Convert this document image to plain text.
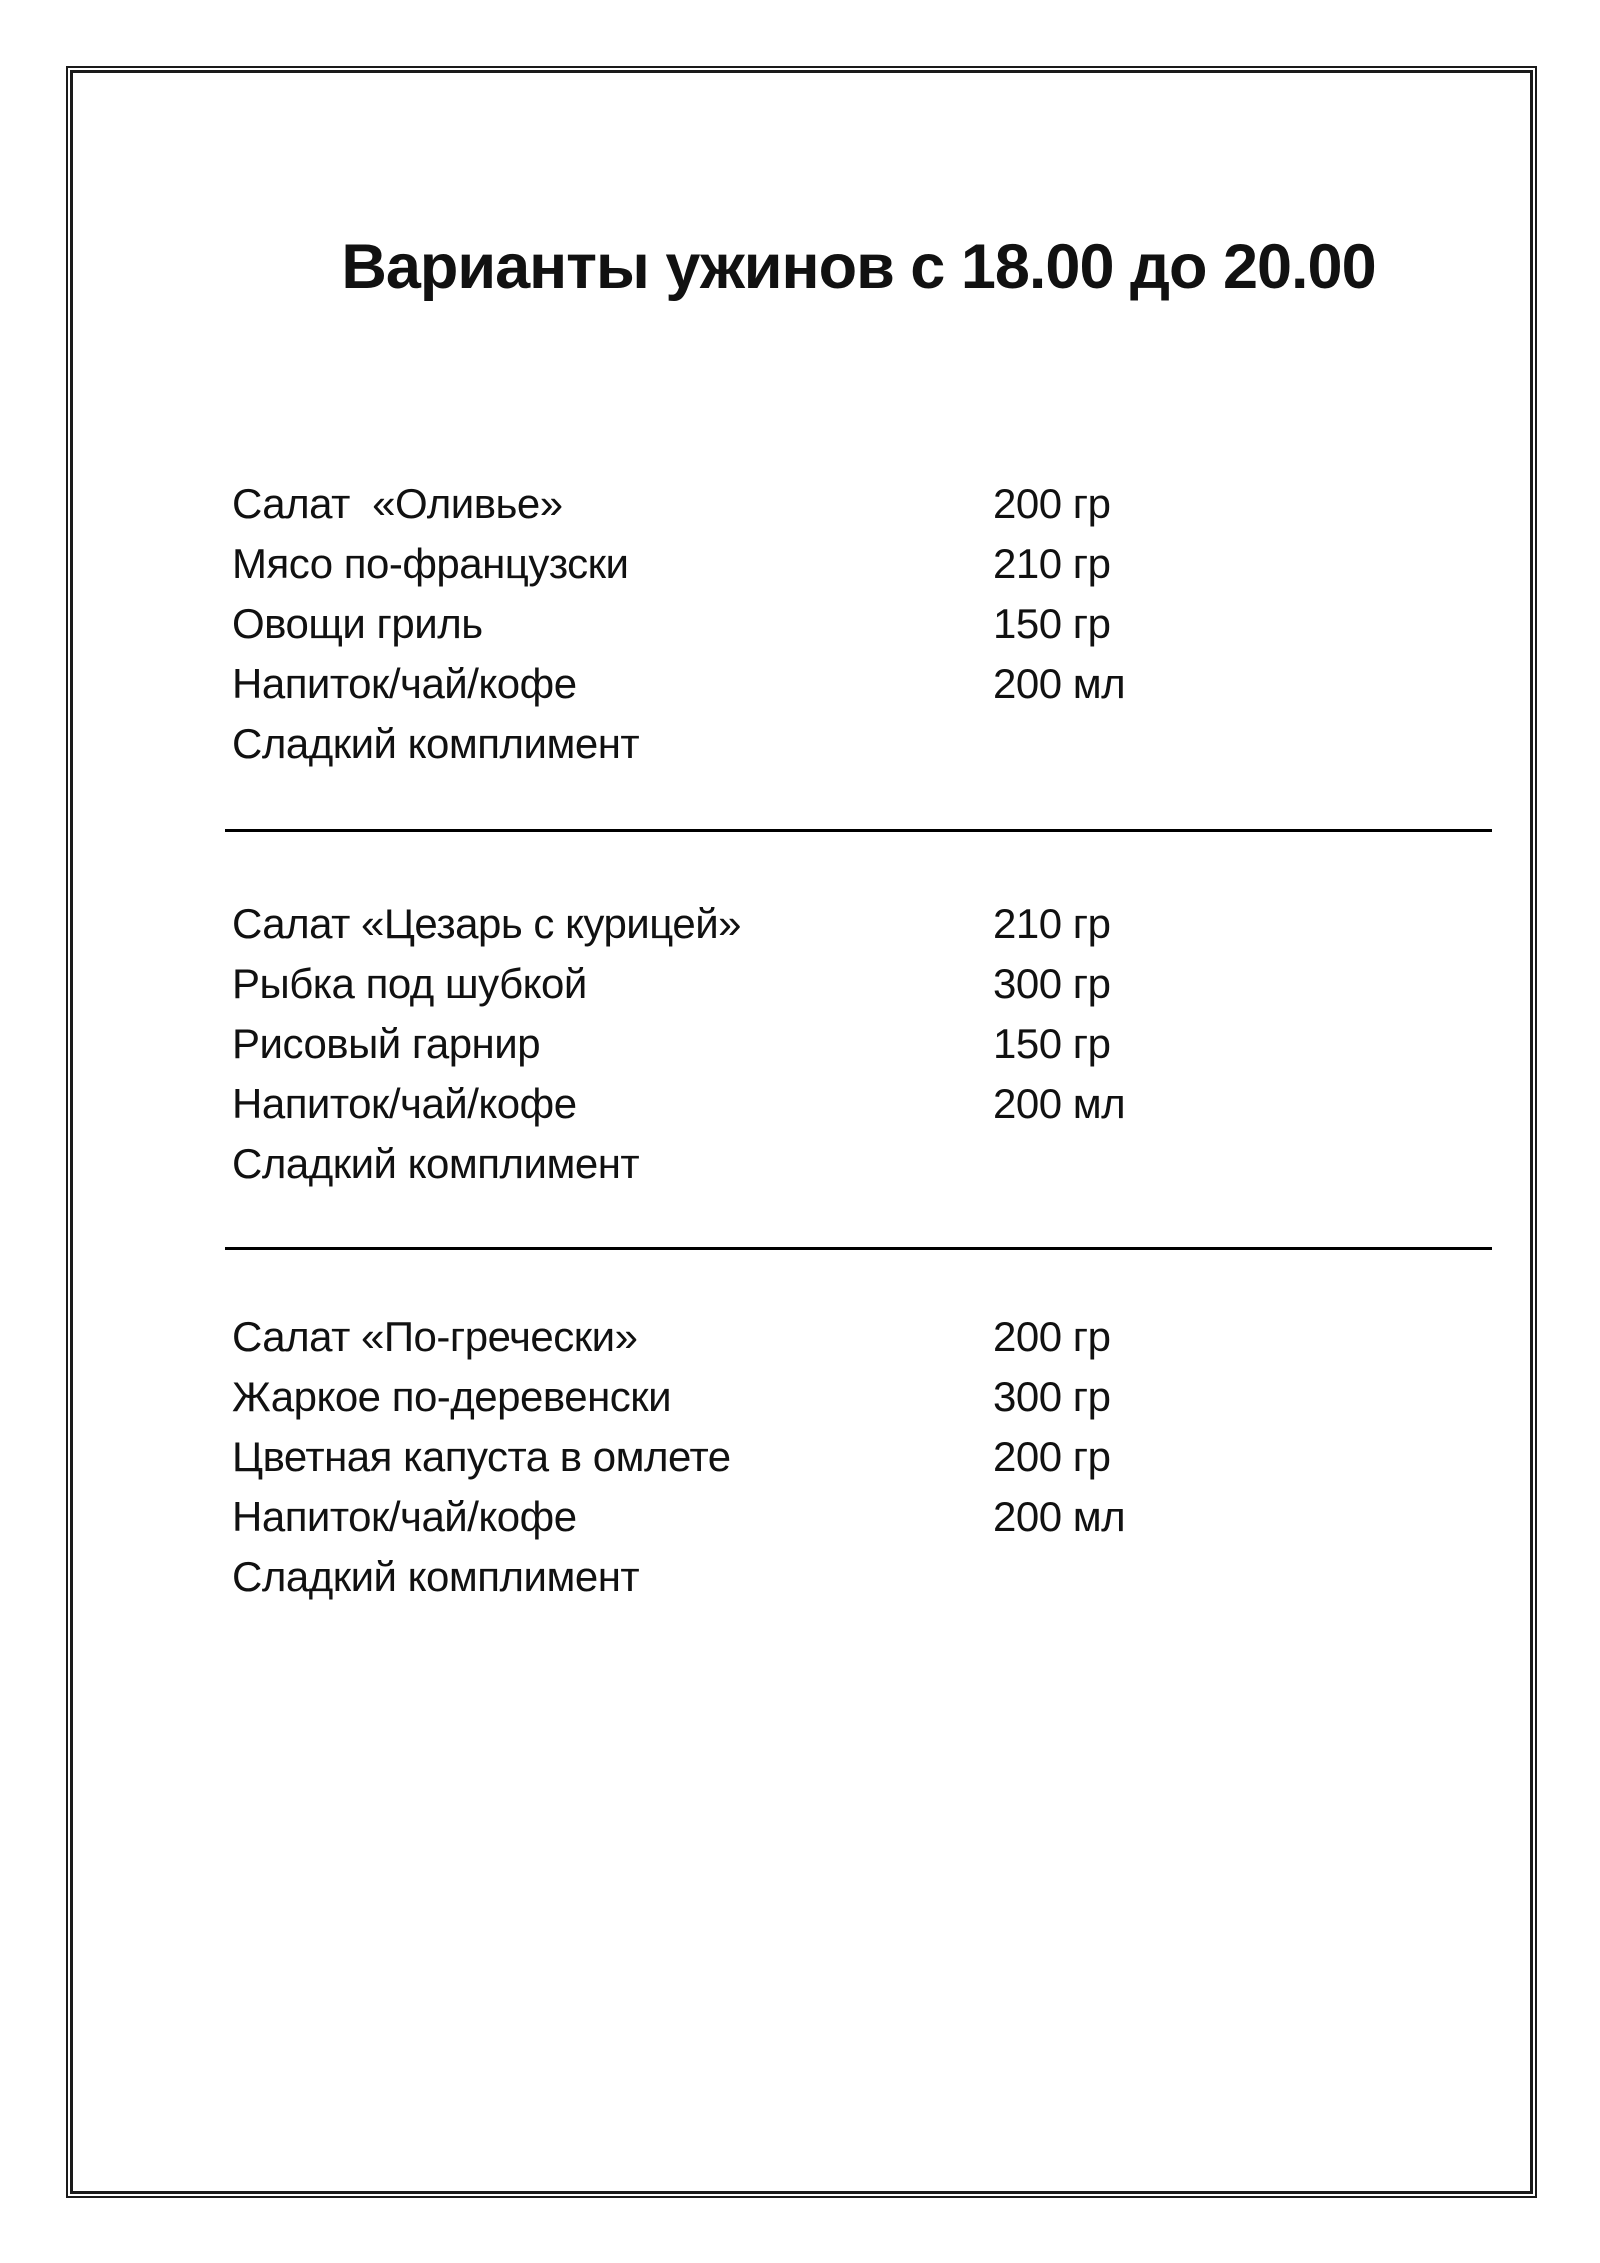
Варианты ужинов с 18.00 до 20.00
Салат  «Оливье»	200 гр
Мясо по-французски	210 гр
Овощи гриль	150 гр
Напиток/чай/кофе	200 мл
Сладкий комплимент
Салат «Цезарь с курицей»	210 гр
Рыбка под шубкой	300 гр
Рисовый гарнир	150 гр
Напиток/чай/кофе	200 мл
Сладкий комплимент
Салат «По-гречески»	200 гр
Жаркое по-деревенски	300 гр
Цветная капуста в омлете	200 гр
Напиток/чай/кофе	200 мл
Сладкий комплимент
